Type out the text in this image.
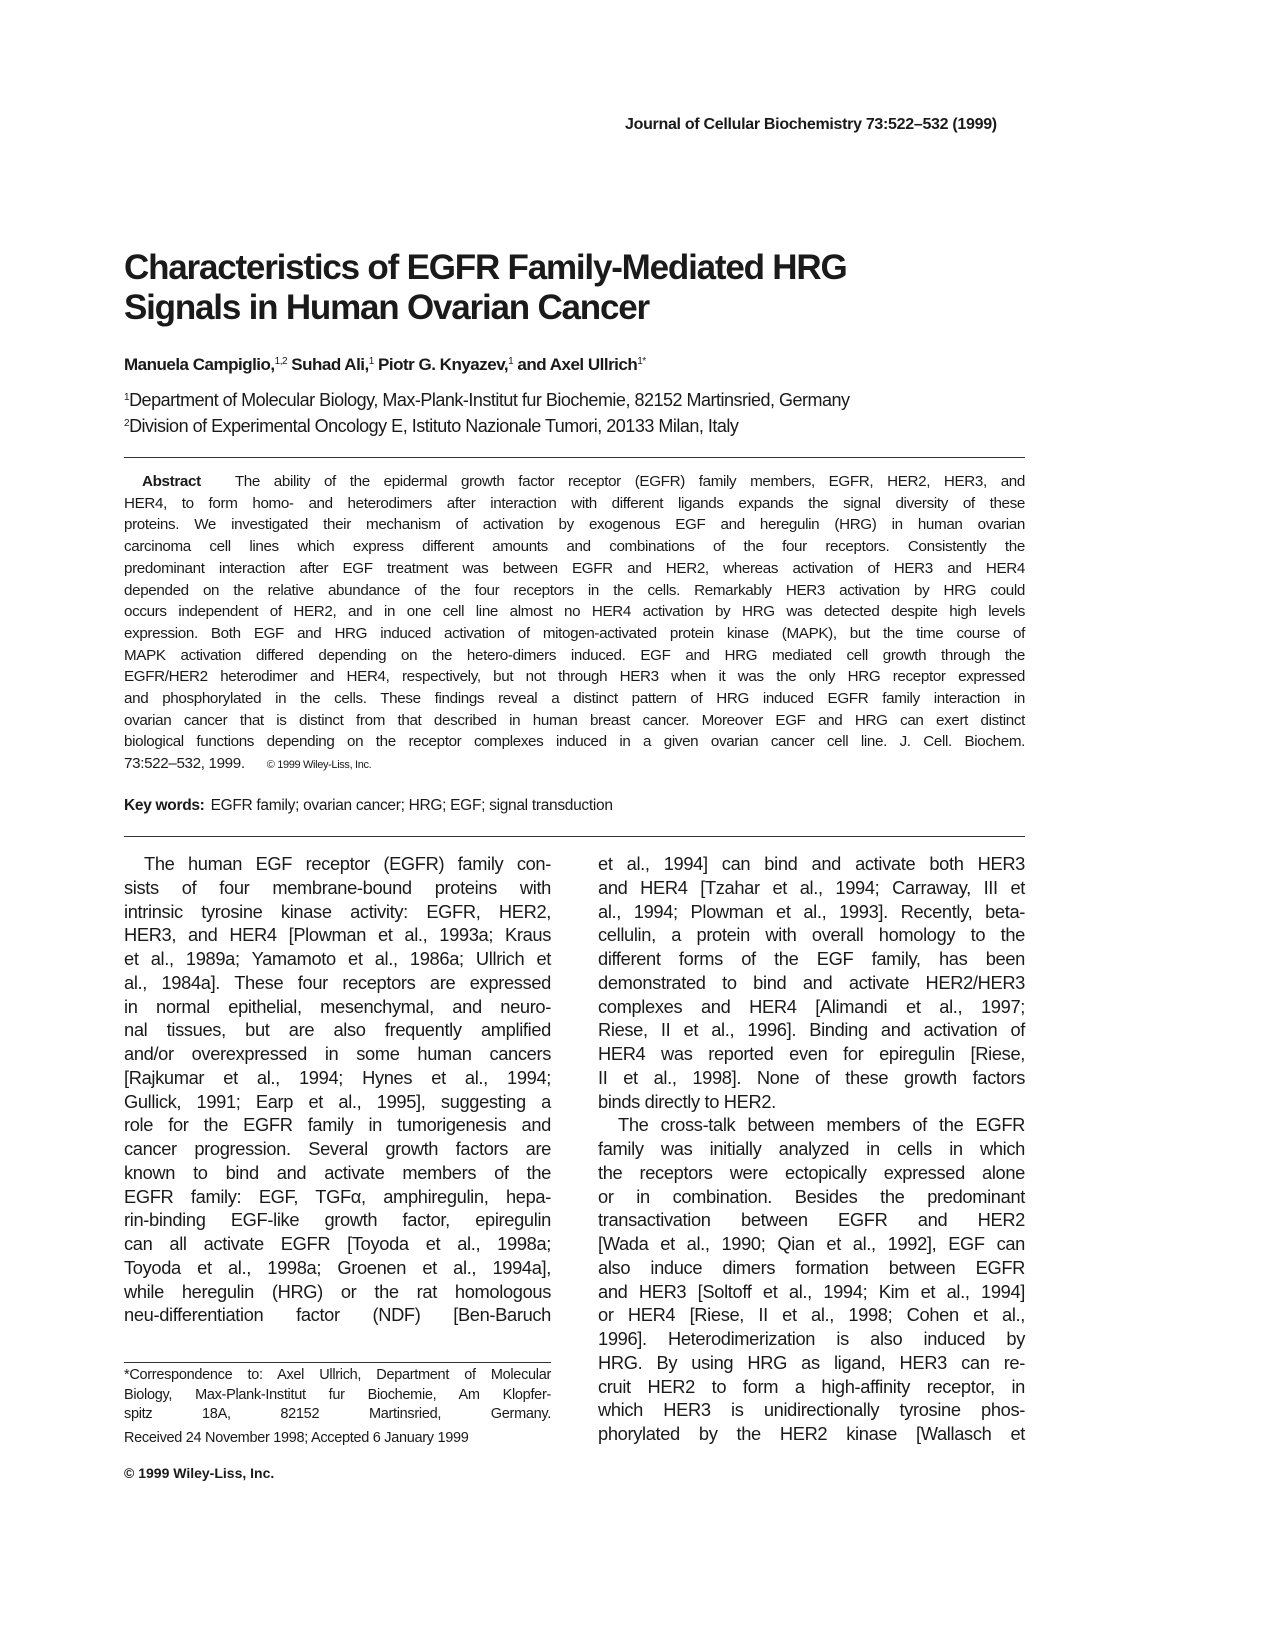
Journal of Cellular Biochemistry 73:522–532 (1999)
Characteristics of EGFR Family-Mediated HRG
Signals in Human Ovarian Cancer
Manuela Campiglio,$^{1,2}$ Suhad Ali,$^1$ Piotr G. Knyazev,$^1$ and Axel Ullrich$^{1*}$
$^1$Department of Molecular Biology, Max-Plank-Institut fur Biochemie, 82152 Martinsried, Germany
$^2$Division of Experimental Oncology E, Istituto Nazionale Tumori, 20133 Milan, Italy
Abstract The ability of the epidermal growth factor receptor (EGFR) family members, EGFR, HER2, HER3, and
HER4, to form homo- and heterodimers after interaction with different ligands expands the signal diversity of these
proteins. We investigated their mechanism of activation by exogenous EGF and heregulin (HRG) in human ovarian
carcinoma cell lines which express different amounts and combinations of the four receptors. Consistently the
predominant interaction after EGF treatment was between EGFR and HER2, whereas activation of HER3 and HER4
depended on the relative abundance of the four receptors in the cells. Remarkably HER3 activation by HRG could
occurs independent of HER2, and in one cell line almost no HER4 activation by HRG was detected despite high levels
expression. Both EGF and HRG induced activation of mitogen-activated protein kinase (MAPK), but the time course of
MAPK activation differed depending on the hetero-dimers induced. EGF and HRG mediated cell growth through the
EGFR/HER2 heterodimer and HER4, respectively, but not through HER3 when it was the only HRG receptor expressed
and phosphorylated in the cells. These findings reveal a distinct pattern of HRG induced EGFR family interaction in
ovarian cancer that is distinct from that described in human breast cancer. Moreover EGF and HRG can exert distinct
biological functions depending on the receptor complexes induced in a given ovarian cancer cell line. J. Cell. Biochem.
73:522–532, 1999. © 1999 Wiley-Liss, Inc.
Key words: EGFR family; ovarian cancer; HRG; EGF; signal transduction
The human EGF receptor (EGFR) family con-
sists of four membrane-bound proteins with
intrinsic tyrosine kinase activity: EGFR, HER2,
HER3, and HER4 [Plowman et al., 1993a; Kraus
et al., 1989a; Yamamoto et al., 1986a; Ullrich et
al., 1984a]. These four receptors are expressed
in normal epithelial, mesenchymal, and neuro-
nal tissues, but are also frequently amplified
and/or overexpressed in some human cancers
[Rajkumar et al., 1994; Hynes et al., 1994;
Gullick, 1991; Earp et al., 1995], suggesting a
role for the EGFR family in tumorigenesis and
cancer progression. Several growth factors are
known to bind and activate members of the
EGFR family: EGF, TGFα, amphiregulin, hepa-
rin-binding EGF-like growth factor, epiregulin
can all activate EGFR [Toyoda et al., 1998a;
Toyoda et al., 1998a; Groenen et al., 1994a],
while heregulin (HRG) or the rat homologous
neu-differentiation factor (NDF) [Ben-Baruch
et al., 1994] can bind and activate both HER3
and HER4 [Tzahar et al., 1994; Carraway, III et
al., 1994; Plowman et al., 1993]. Recently, beta-
cellulin, a protein with overall homology to the
different forms of the EGF family, has been
demonstrated to bind and activate HER2/HER3
complexes and HER4 [Alimandi et al., 1997;
Riese, II et al., 1996]. Binding and activation of
HER4 was reported even for epiregulin [Riese,
II et al., 1998]. None of these growth factors
binds directly to HER2.
The cross-talk between members of the EGFR
family was initially analyzed in cells in which
the receptors were ectopically expressed alone
or in combination. Besides the predominant
transactivation between EGFR and HER2
[Wada et al., 1990; Qian et al., 1992], EGF can
also induce dimers formation between EGFR
and HER3 [Soltoff et al., 1994; Kim et al., 1994]
or HER4 [Riese, II et al., 1998; Cohen et al.,
1996]. Heterodimerization is also induced by
HRG. By using HRG as ligand, HER3 can re-
cruit HER2 to form a high-affinity receptor, in
which HER3 is unidirectionally tyrosine phos-
phorylated by the HER2 kinase [Wallasch et
*Correspondence to: Axel Ullrich, Department of Molecular
Biology, Max-Plank-Institut fur Biochemie, Am Klopfer-
spitz 18A, 82152 Martinsried, Germany.
Received 24 November 1998; Accepted 6 January 1999
© 1999 Wiley-Liss, Inc.
